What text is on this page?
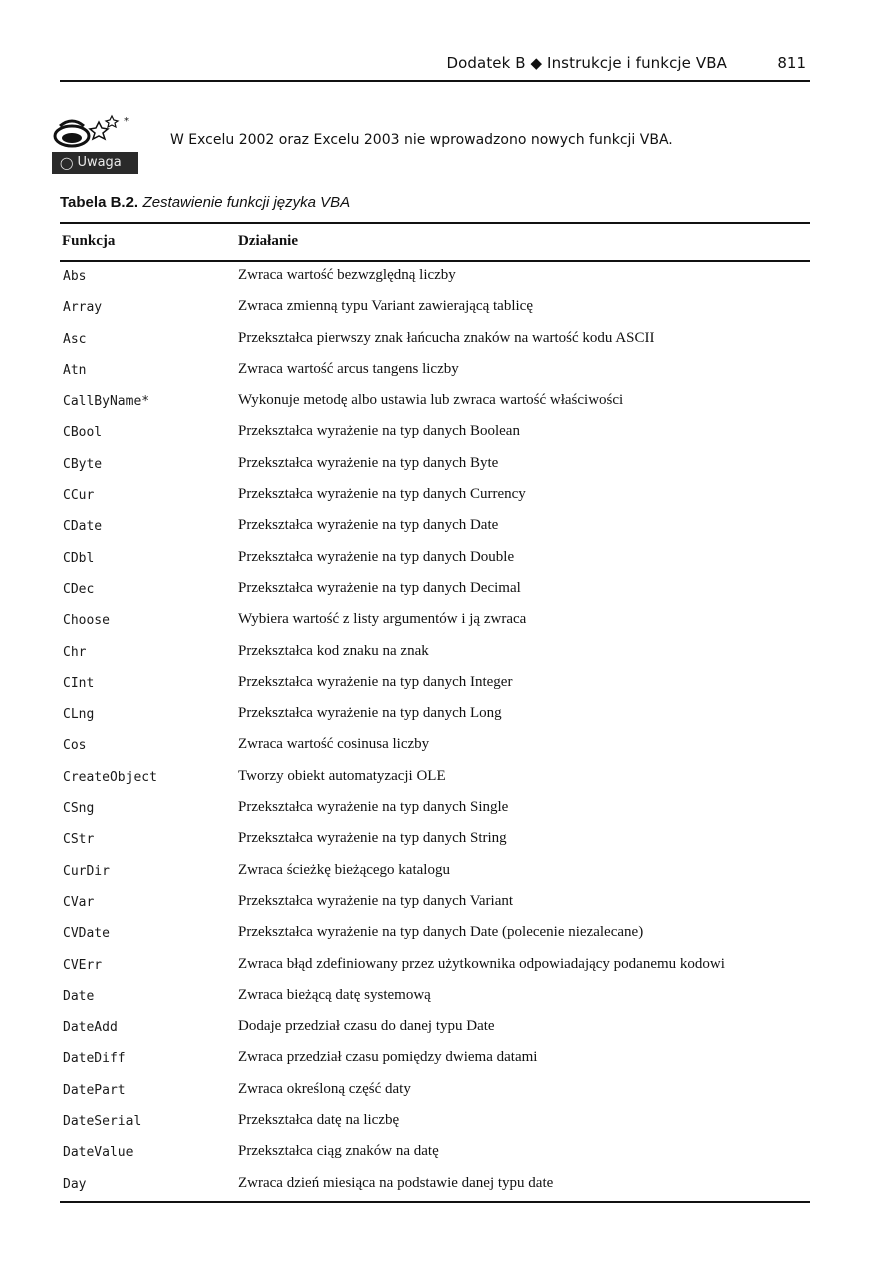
Dodatek B ◆ Instrukcje i funkcje VBA	811
*
◯ Uwaga
W Excelu 2002 oraz Excelu 2003 nie wprowadzono nowych funkcji VBA.
Tabela B.2. Zestawienie funkcji języka VBA
Funkcja	Działanie
Abs	Zwraca wartość bezwzględną liczby
Array	Zwraca zmienną typu Variant zawierającą tablicę
Asc	Przekształca pierwszy znak łańcucha znaków na wartość kodu ASCII
Atn	Zwraca wartość arcus tangens liczby
CallByName*	Wykonuje metodę albo ustawia lub zwraca wartość właściwości
CBool	Przekształca wyrażenie na typ danych Boolean
CByte	Przekształca wyrażenie na typ danych Byte
CCur	Przekształca wyrażenie na typ danych Currency
CDate	Przekształca wyrażenie na typ danych Date
CDbl	Przekształca wyrażenie na typ danych Double
CDec	Przekształca wyrażenie na typ danych Decimal
Choose	Wybiera wartość z listy argumentów i ją zwraca
Chr	Przekształca kod znaku na znak
CInt	Przekształca wyrażenie na typ danych Integer
CLng	Przekształca wyrażenie na typ danych Long
Cos	Zwraca wartość cosinusa liczby
CreateObject	Tworzy obiekt automatyzacji OLE
CSng	Przekształca wyrażenie na typ danych Single
CStr	Przekształca wyrażenie na typ danych String
CurDir	Zwraca ścieżkę bieżącego katalogu
CVar	Przekształca wyrażenie na typ danych Variant
CVDate	Przekształca wyrażenie na typ danych Date (polecenie niezalecane)
CVErr	Zwraca błąd zdefiniowany przez użytkownika odpowiadający podanemu kodowi
Date	Zwraca bieżącą datę systemową
DateAdd	Dodaje przedział czasu do danej typu Date
DateDiff	Zwraca przedział czasu pomiędzy dwiema datami
DatePart	Zwraca określoną część daty
DateSerial	Przekształca datę na liczbę
DateValue	Przekształca ciąg znaków na datę
Day	Zwraca dzień miesiąca na podstawie danej typu date
